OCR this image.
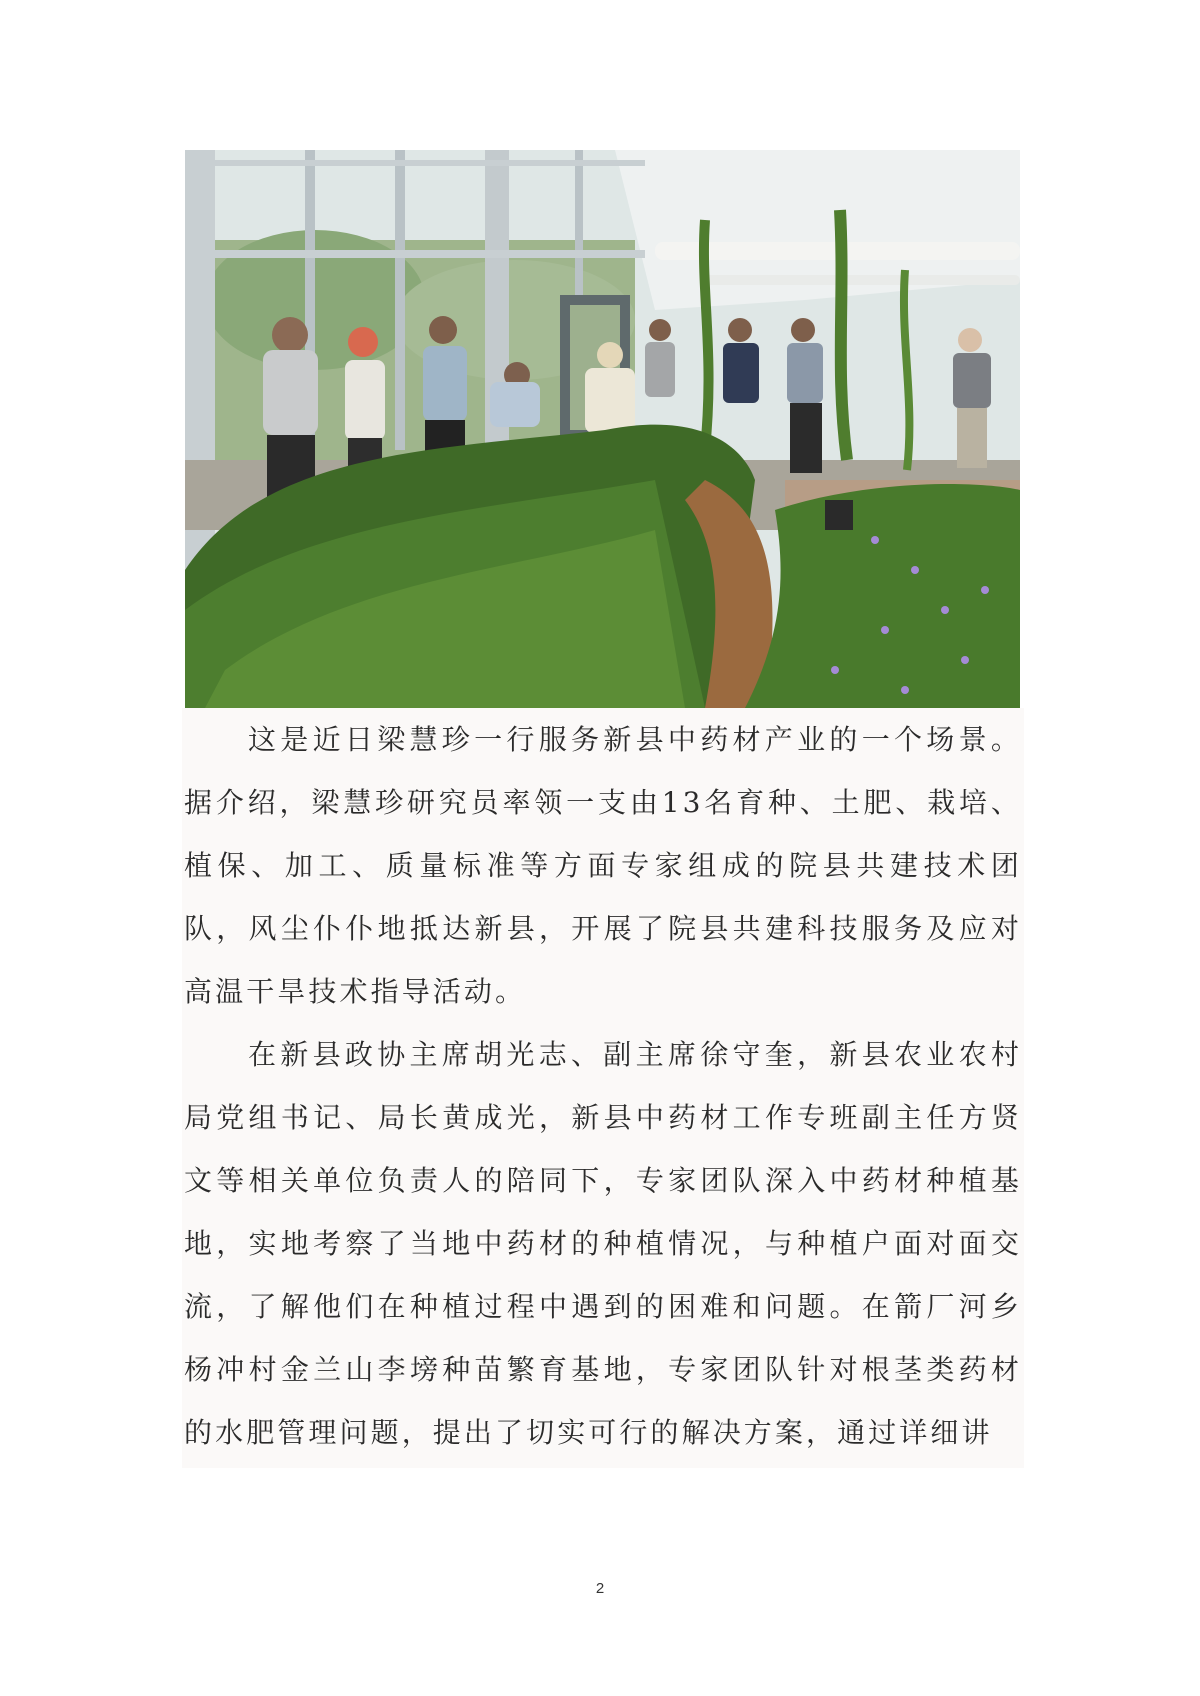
这是近日梁慧珍一行服务新县中药材产业的一个场景。据介绍，梁慧珍研究员率领一支由13名育种、土肥、栽培、植保、加工、质量标准等方面专家组成的院县共建技术团队，风尘仆仆地抵达新县，开展了院县共建科技服务及应对高温干旱技术指导活动。

在新县政协主席胡光志、副主席徐守奎，新县农业农村局党组书记、局长黄成光，新县中药材工作专班副主任方贤文等相关单位负责人的陪同下，专家团队深入中药材种植基地，实地考察了当地中药材的种植情况，与种植户面对面交流，了解他们在种植过程中遇到的困难和问题。在箭厂河乡杨冲村金兰山李塝种苗繁育基地，专家团队针对根茎类药材的水肥管理问题，提出了切实可行的解决方案，通过详细讲

2
